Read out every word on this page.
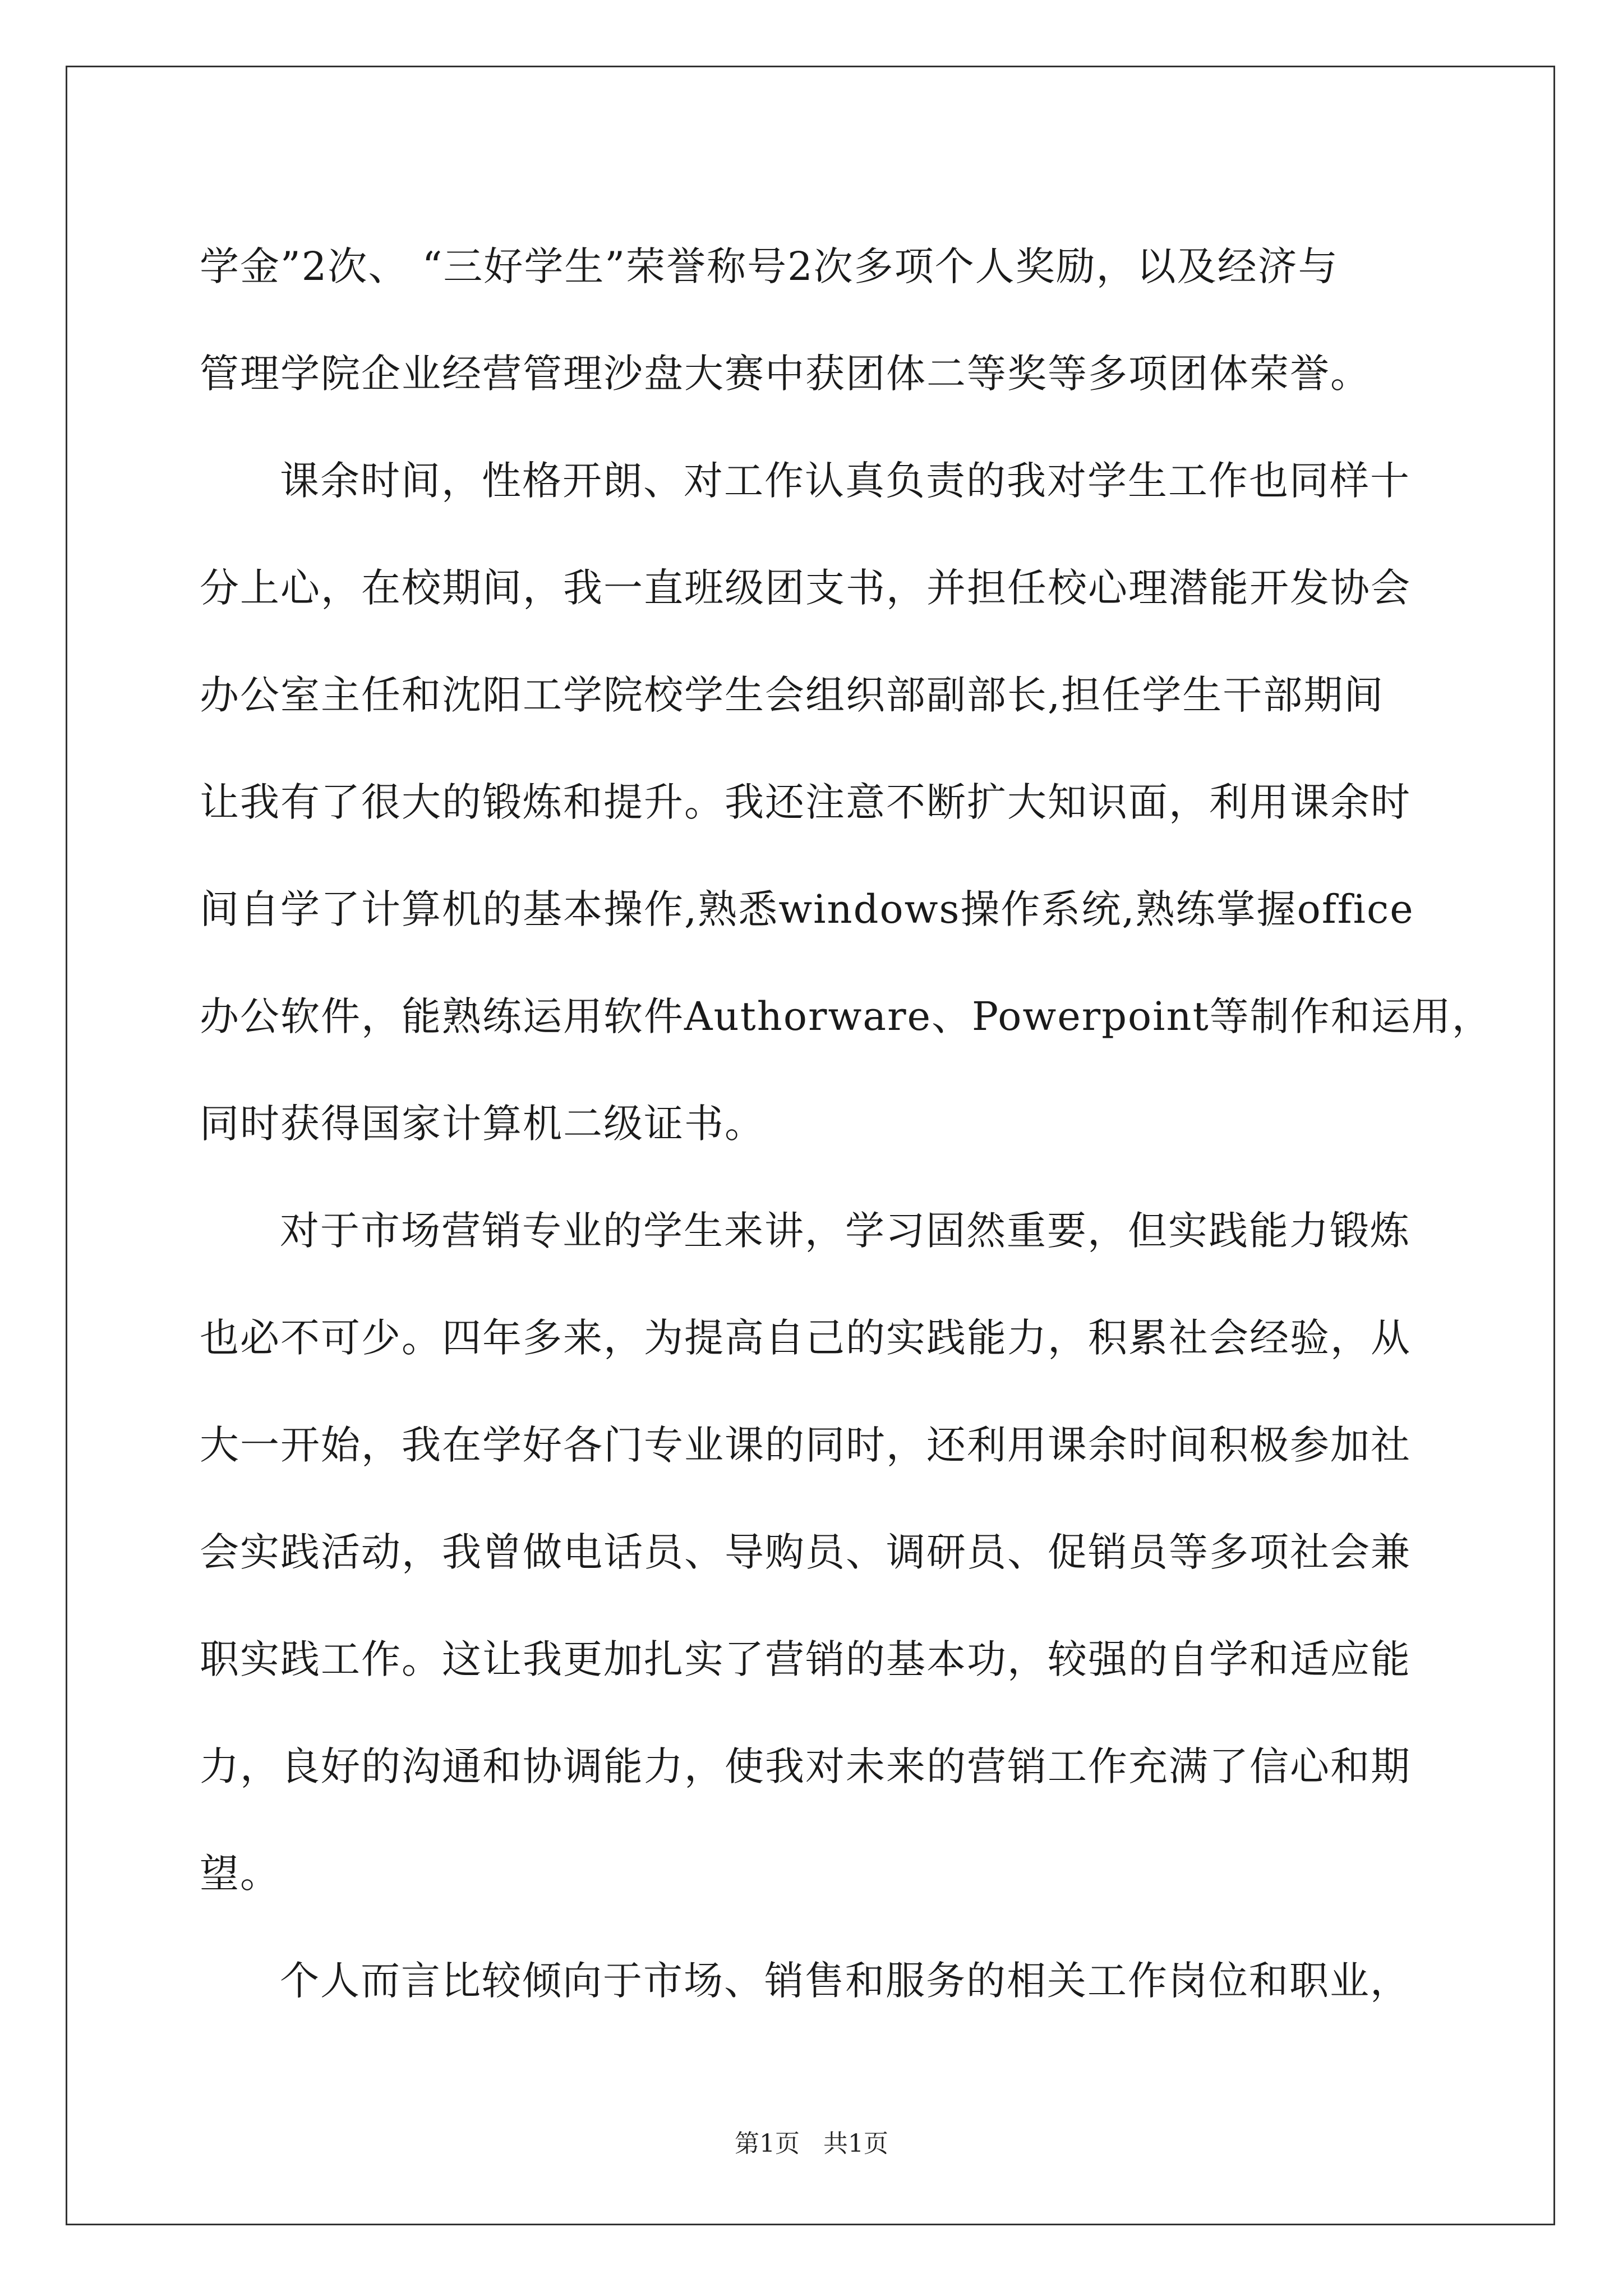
学金”2次、 “三好学生”荣誉称号2次多项个人奖励，以及经济与
管理学院企业经营管理沙盘大赛中获团体二等奖等多项团体荣誉。
课余时间，性格开朗、对工作认真负责的我对学生工作也同样十
分上心，在校期间，我一直班级团支书，并担任校心理潜能开发协会
办公室主任和沈阳工学院校学生会组织部副部长,担任学生干部期间
让我有了很大的锻炼和提升。我还注意不断扩大知识面，利用课余时
间自学了计算机的基本操作,熟悉windows操作系统,熟练掌握office
办公软件，能熟练运用软件Authorware、Powerpoint等制作和运用，
同时获得国家计算机二级证书。
对于市场营销专业的学生来讲，学习固然重要，但实践能力锻炼
也必不可少。四年多来，为提高自己的实践能力，积累社会经验，从
大一开始，我在学好各门专业课的同时，还利用课余时间积极参加社
会实践活动，我曾做电话员、导购员、调研员、促销员等多项社会兼
职实践工作。这让我更加扎实了营销的基本功，较强的自学和适应能
力，良好的沟通和协调能力，使我对未来的营销工作充满了信心和期
望。
个人而言比较倾向于市场、销售和服务的相关工作岗位和职业，

第1页 共1页
